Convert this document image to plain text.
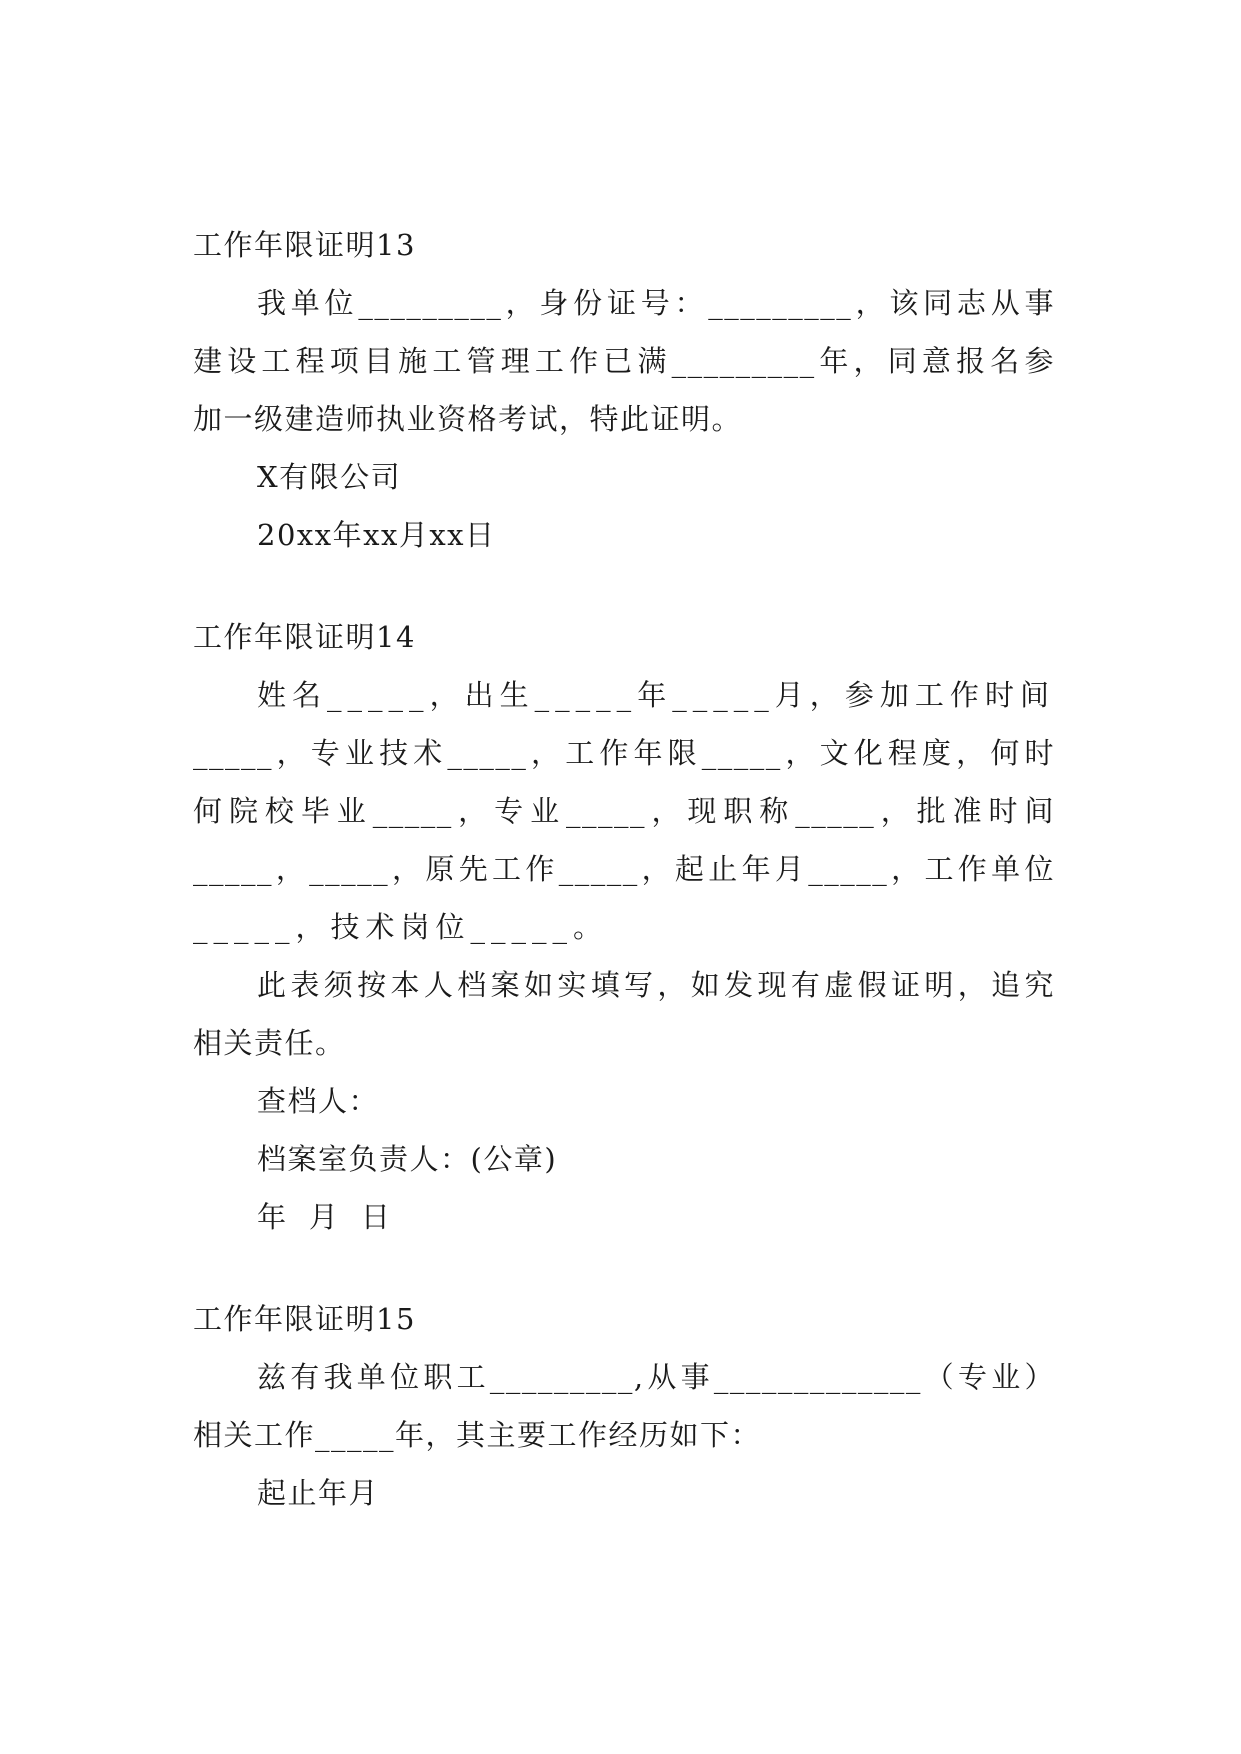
工作年限证明13
我单位_________，身份证号：_________，该同志从事
建设工程项目施工管理工作已满_________年，同意报名参
加一级建造师执业资格考试，特此证明。
X有限公司
20xx年xx月xx日
工作年限证明14
姓名_____，出生_____年_____月，参加工作时间
_____，专业技术_____，工作年限_____，文化程度，何时
何院校毕业_____，专业_____，现职称_____，批准时间
_____，_____，原先工作_____，起止年月_____，工作单位
_____，技术岗位_____。
此表须按本人档案如实填写，如发现有虚假证明，追究
相关责任。
查档人：
档案室负责人：(公章)
年  月  日
工作年限证明15
兹有我单位职工_________,从事_____________（专业）
相关工作_____年，其主要工作经历如下：
起止年月
